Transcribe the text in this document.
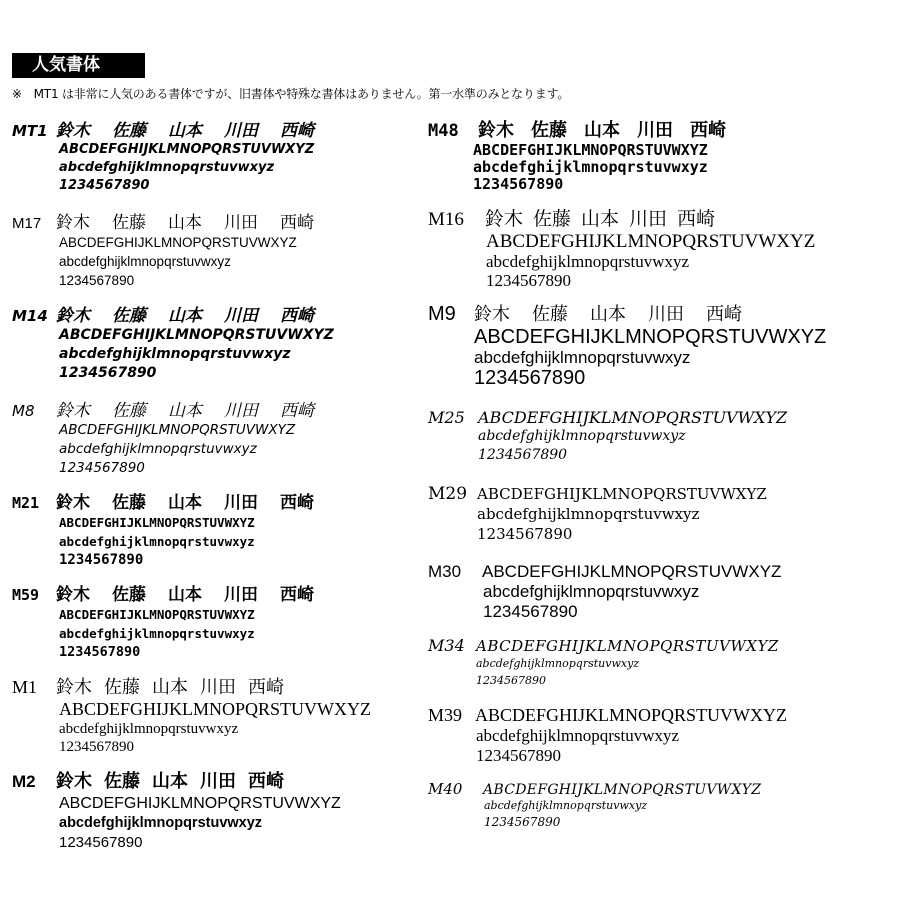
人気書体
※　MT1 は非常に人気のある書体ですが、旧書体や特殊な書体はありません。第一水準のみとなります。
MT1 鈴木 佐藤 山本 川田 西崎
ABCDEFGHIJKLMNOPQRSTUVWXYZ
abcdefghijklmnopqrstuvwxyz
1234567890
M17 鈴木 佐藤 山本 川田 西崎
ABCDEFGHIJKLMNOPQRSTUVWXYZ
abcdefghijklmnopqrstuvwxyz
1234567890
M14 鈴木 佐藤 山本 川田 西崎
ABCDEFGHIJKLMNOPQRSTUVWXYZ
abcdefghijklmnopqrstuvwxyz
1234567890
M8	鈴木 佐藤 山本 川田 西崎
ABCDEFGHIJKLMNOPQRSTUVWXYZ
abcdefghijklmnopqrstuvwxyz
1234567890
M21 鈴木 佐藤 山本 川田 西崎
ABCDEFGHIJKLMNOPQRSTUVWXYZ
abcdefghijklmnopqrstuvwxyz
1234567890
M59 鈴木 佐藤 山本 川田 西崎
ABCDEFGHIJKLMNOPQRSTUVWXYZ
abcdefghijklmnopqrstuvwxyz
1234567890
M1	鈴木 佐藤 山本 川田 西崎
ABCDEFGHIJKLMNOPQRSTUVWXYZ
abcdefghijklmnopqrstuvwxyz
1234567890
M2	鈴木 佐藤 山本 川田 西崎
ABCDEFGHIJKLMNOPQRSTUVWXYZ
abcdefghijklmnopqrstuvwxyz
1234567890
M48	鈴木 佐藤 山本 川田 西崎
ABCDEFGHIJKLMNOPQRSTUVWXYZ
abcdefghijklmnopqrstuvwxyz
1234567890
M16	鈴木 佐藤 山本 川田 西崎
ABCDEFGHIJKLMNOPQRSTUVWXYZ
abcdefghijklmnopqrstuvwxyz
1234567890
M9	鈴木 佐藤 山本 川田 西崎
ABCDEFGHIJKLMNOPQRSTUVWXYZ
abcdefghijklmnopqrstuvwxyz
1234567890
M25 ABCDEFGHIJKLMNOPQRSTUVWXYZ
abcdefghijklmnopqrstuvwxyz
1234567890
M29 ABCDEFGHIJKLMNOPQRSTUVWXYZ
abcdefghijklmnopqrstuvwxyz
1234567890
M30	ABCDEFGHIJKLMNOPQRSTUVWXYZ
abcdefghijklmnopqrstuvwxyz
1234567890
M34 ABCDEFGHIJKLMNOPQRSTUVWXYZ
abcdefghijklmnopqrstuvwxyz
1234567890
M39 ABCDEFGHIJKLMNOPQRSTUVWXYZ
abcdefghijklmnopqrstuvwxyz
1234567890
M40	ABCDEFGHIJKLMNOPQRSTUVWXYZ
abcdefghijklmnopqrstuvwxyz
1234567890
